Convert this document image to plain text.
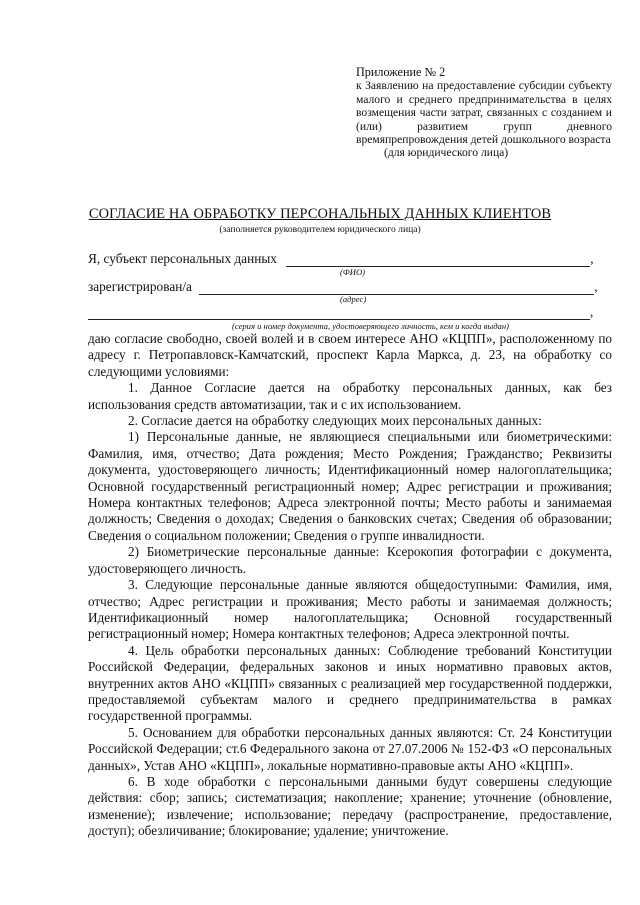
Приложение № 2
к Заявлению на предоставление субсидии субъекту малого и среднего предпринимательства в целях возмещения части затрат, связанных с созданием и (или) развитием групп дневного времяпрепровождения детей дошкольного возраста
(для юридического лица)
СОГЛАСИЕ НА ОБРАБОТКУ ПЕРСОНАЛЬНЫХ ДАННЫХ КЛИЕНТОВ
(заполняется руководителем юридического лица)
Я, субъект персональных данных	,
(ФИО)
зарегистрирован/а	,
(адрес)
,
(серия и номер документа, удостоверяющего личность, кем и когда выдан)

даю согласие свободно, своей волей и в своем интересе АНО «КЦПП», расположенному по адресу г. Петропавловск-Камчатский, проспект Карла Маркса, д. 23, на обработку со следующими условиями:

1. Данное Согласие дается на обработку персональных данных, как без использования средств автоматизации, так и с их использованием.

2. Согласие дается на обработку следующих моих персональных данных:

1) Персональные данные, не являющиеся специальными или биометрическими: Фамилия, имя, отчество; Дата рождения; Место Рождения; Гражданство; Реквизиты документа, удостоверяющего личность; Идентификационный номер налогоплательщика; Основной государственный регистрационный номер; Адрес регистрации и проживания; Номера контактных телефонов; Адреса электронной почты; Место работы и занимаемая должность; Сведения о доходах; Сведения о банковских счетах; Сведения об образовании; Сведения о социальном положении; Сведения о группе инвалидности.

2) Биометрические персональные данные: Ксерокопия фотографии с документа, удостоверяющего личность.

3. Следующие персональные данные являются общедоступными: Фамилия, имя, отчество; Адрес регистрации и проживания; Место работы и занимаемая должность; Идентификационный номер налогоплательщика; Основной государственный регистрационный номер; Номера контактных телефонов; Адреса электронной почты.

4. Цель обработки персональных данных: Соблюдение требований Конституции Российской Федерации, федеральных законов и иных нормативно правовых актов, внутренних актов АНО «КЦПП» связанных с реализацией мер государственной поддержки, предоставляемой субъектам малого и среднего предпринимательства в рамках государственной программы.

5. Основанием для обработки персональных данных являются: Ст. 24 Конституции Российской Федерации; ст.6 Федерального закона от 27.07.2006 № 152-ФЗ «О персональных данных», Устав АНО «КЦПП», локальные нормативно-правовые акты АНО «КЦПП».

6. В ходе обработки с персональными данными будут совершены следующие действия: сбор; запись; систематизация; накопление; хранение; уточнение (обновление, изменение); извлечение; использование; передачу (распространение, предоставление, доступ); обезличивание; блокирование; удаление; уничтожение.
